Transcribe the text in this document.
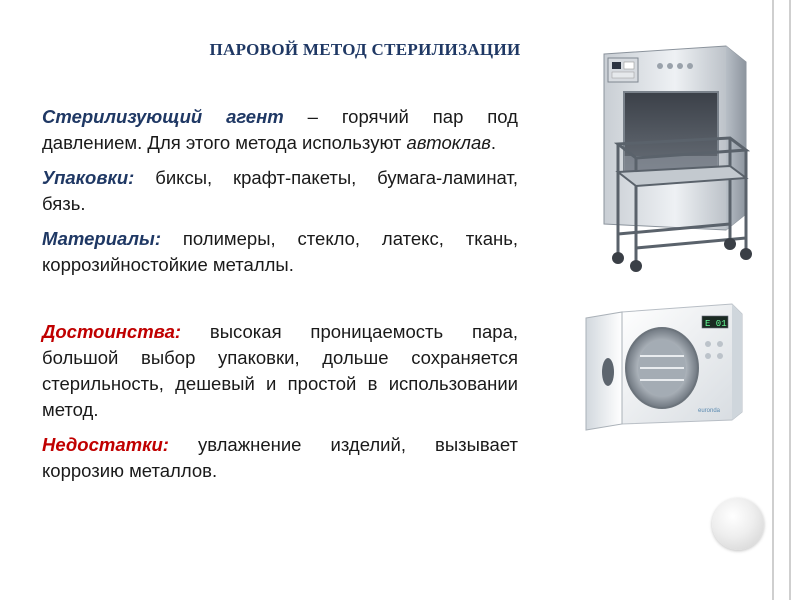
ПАРОВОЙ МЕТОД СТЕРИЛИЗАЦИИ

Стерилизующий агент – горячий пар под давлением. Для этого метода используют автоклав.

Упаковки: биксы, крафт-пакеты, бумага-ламинат, бязь.

Материалы: полимеры, стекло, латекс, ткань, коррозийностойкие металлы.

Достоинства: высокая проницаемость пара, большой выбор упаковки, дольше сохраняется стерильность, дешевый и простой в использовании метод.

Недостатки: увлажнение изделий, вызывает коррозию металлов.

E 01
euronda
